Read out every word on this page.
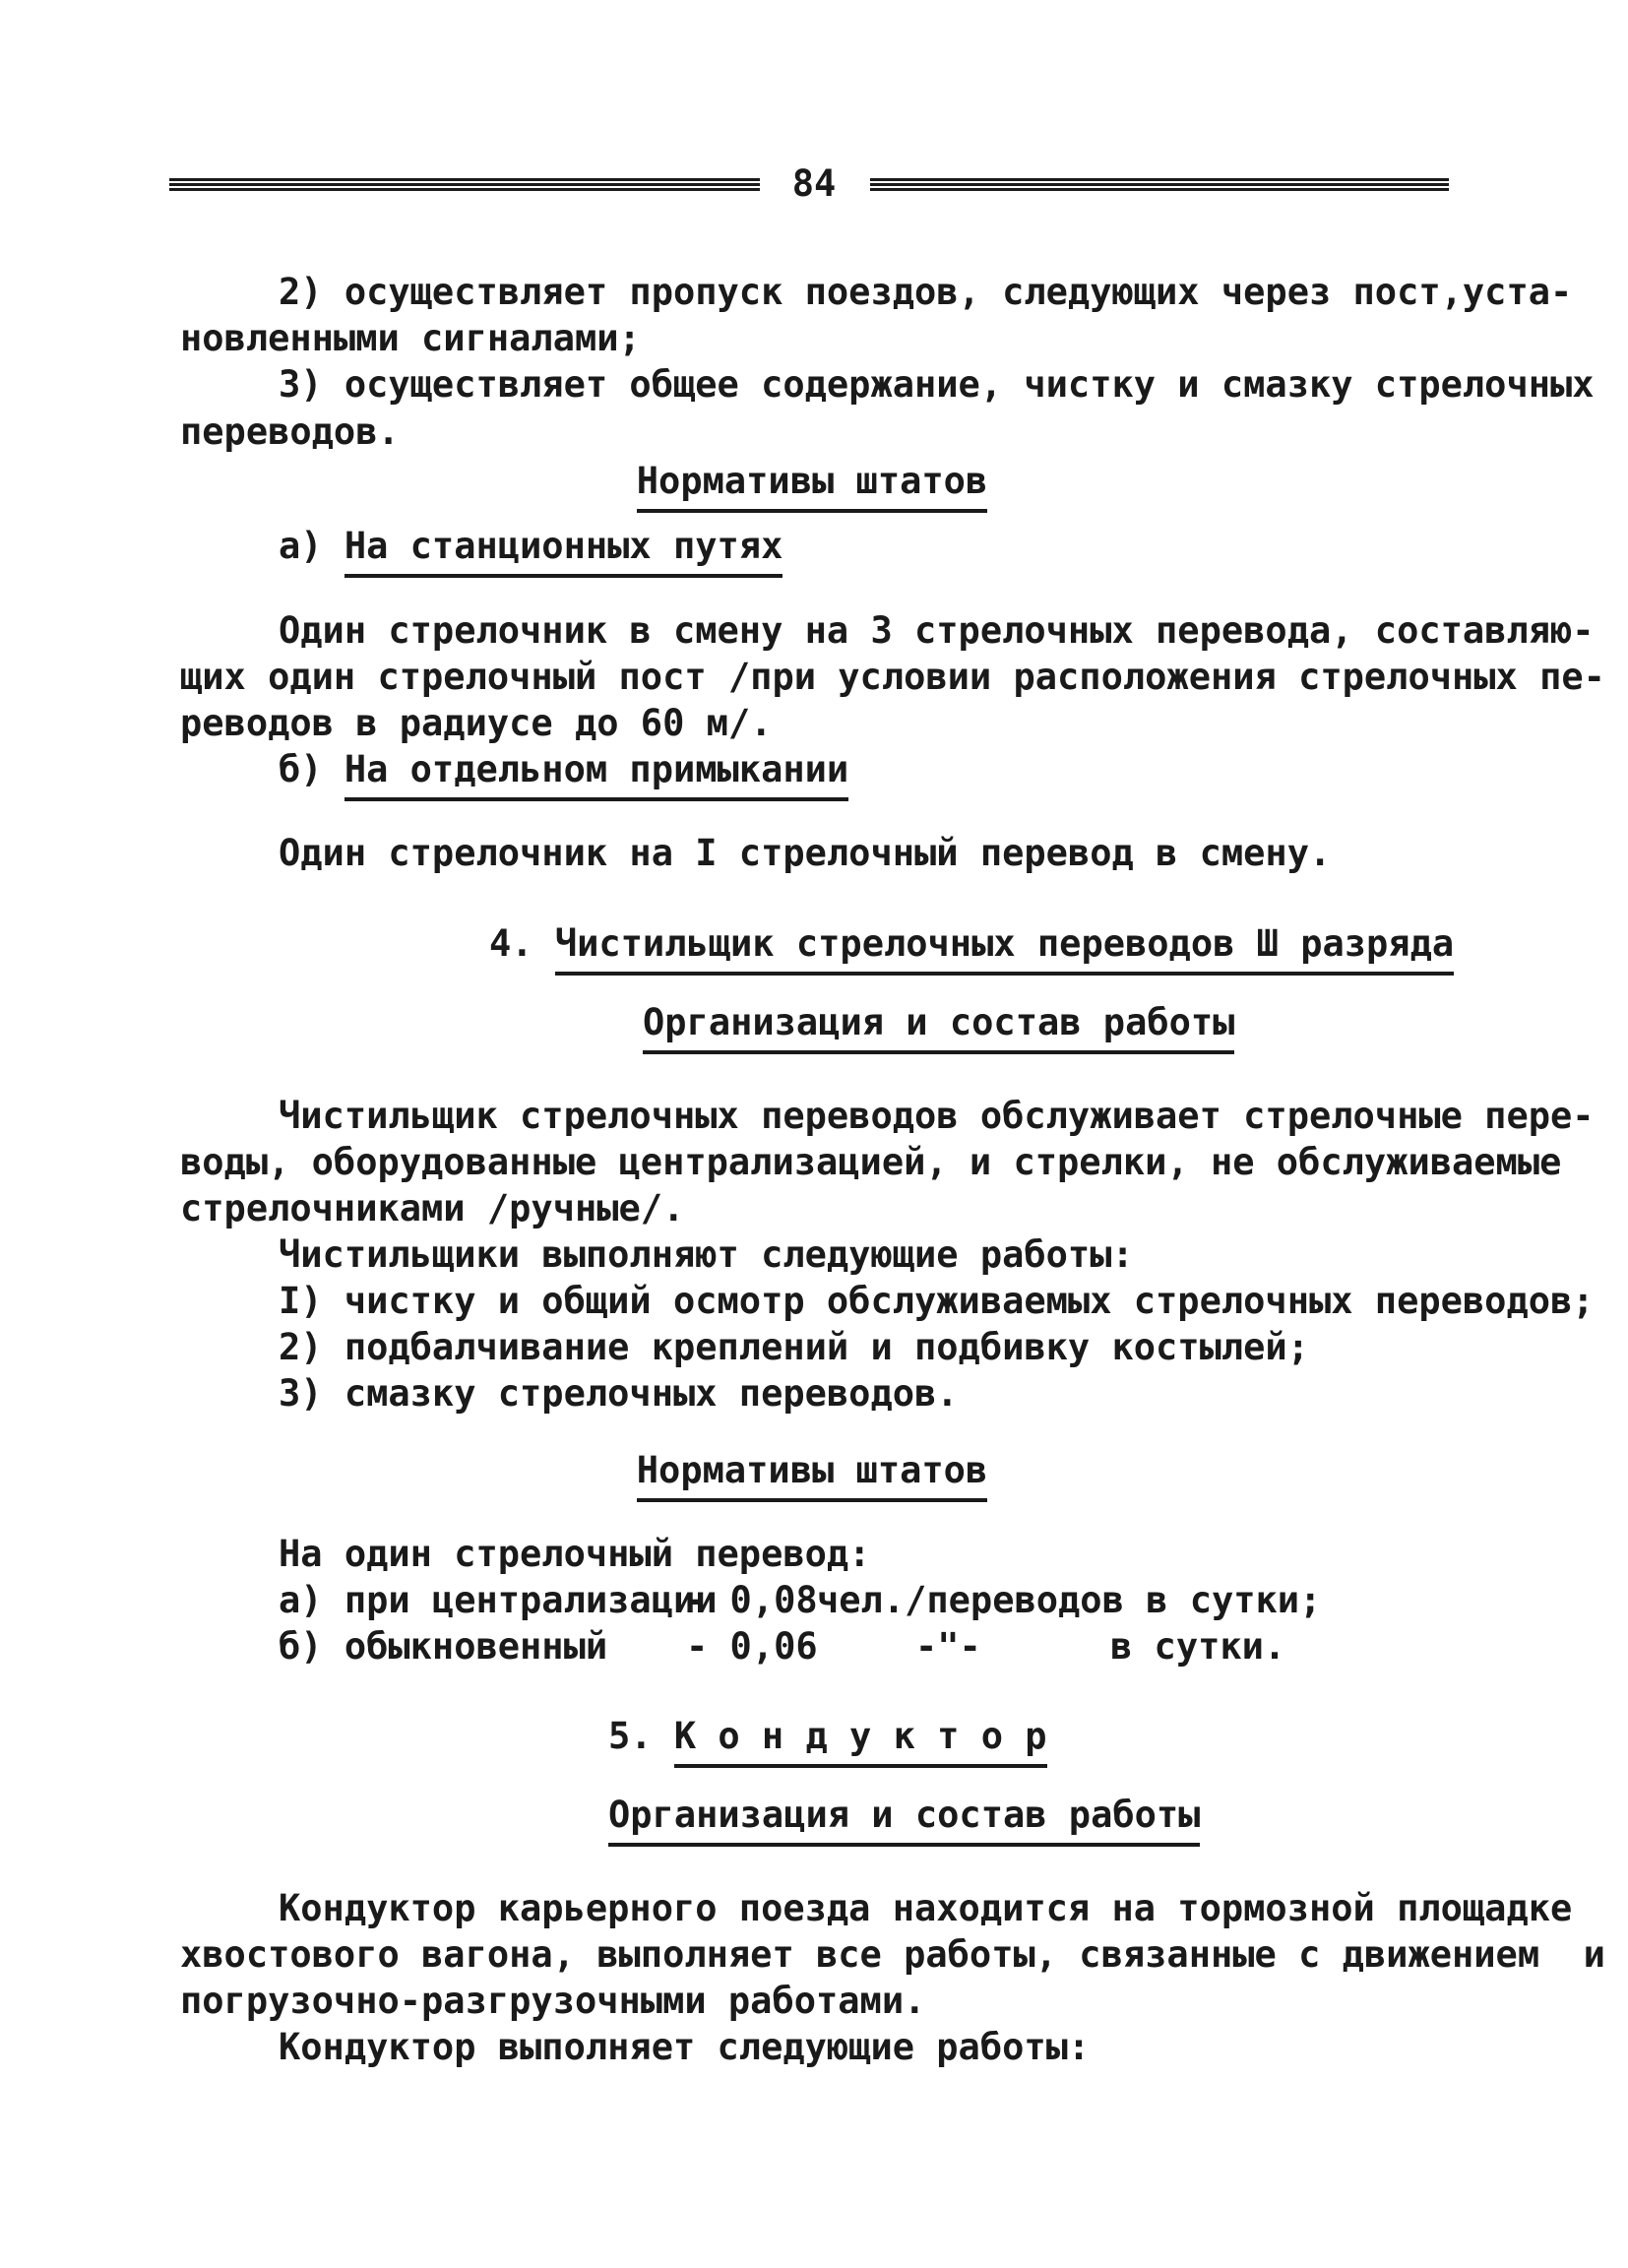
84
2) осуществляет пропуск поездов, следующих через пост,уста-
новленными сигналами;
3) осуществляет общее содержание, чистку и смазку стрелочных
переводов.
Нормативы штатов
а) На станционных путях
Один стрелочник в смену на 3 стрелочных перевода, составляю-
щих один стрелочный пост /при условии расположения стрелочных пе-
реводов в радиусе до 60 м/.
б) На отдельном примыкании
Один стрелочник на I стрелочный перевод в смену.
4. Чистильщик стрелочных переводов Ш разряда
Организация и состав работы
Чистильщик стрелочных переводов обслуживает стрелочные пере-
воды, оборудованные централизацией, и стрелки, не обслуживаемые
стрелочниками /ручные/.
Чистильщики выполняют следующие работы:
I) чистку и общий осмотр обслуживаемых стрелочных переводов;
2) подбалчивание креплений и подбивку костылей;
3) смазку стрелочных переводов.
Нормативы штатов
На один стрелочный перевод:
а) при централизации
- 0,08 чел./переводов в сутки;
б) обыкновенный - 0,06	-"-	в сутки.
5. К о н д у к т о р
Организация и состав работы
Кондуктор карьерного поезда находится на тормозной площадке
хвостового вагона, выполняет все работы, связанные с движением  и
погрузочно-разгрузочными работами.
Кондуктор выполняет следующие работы:
